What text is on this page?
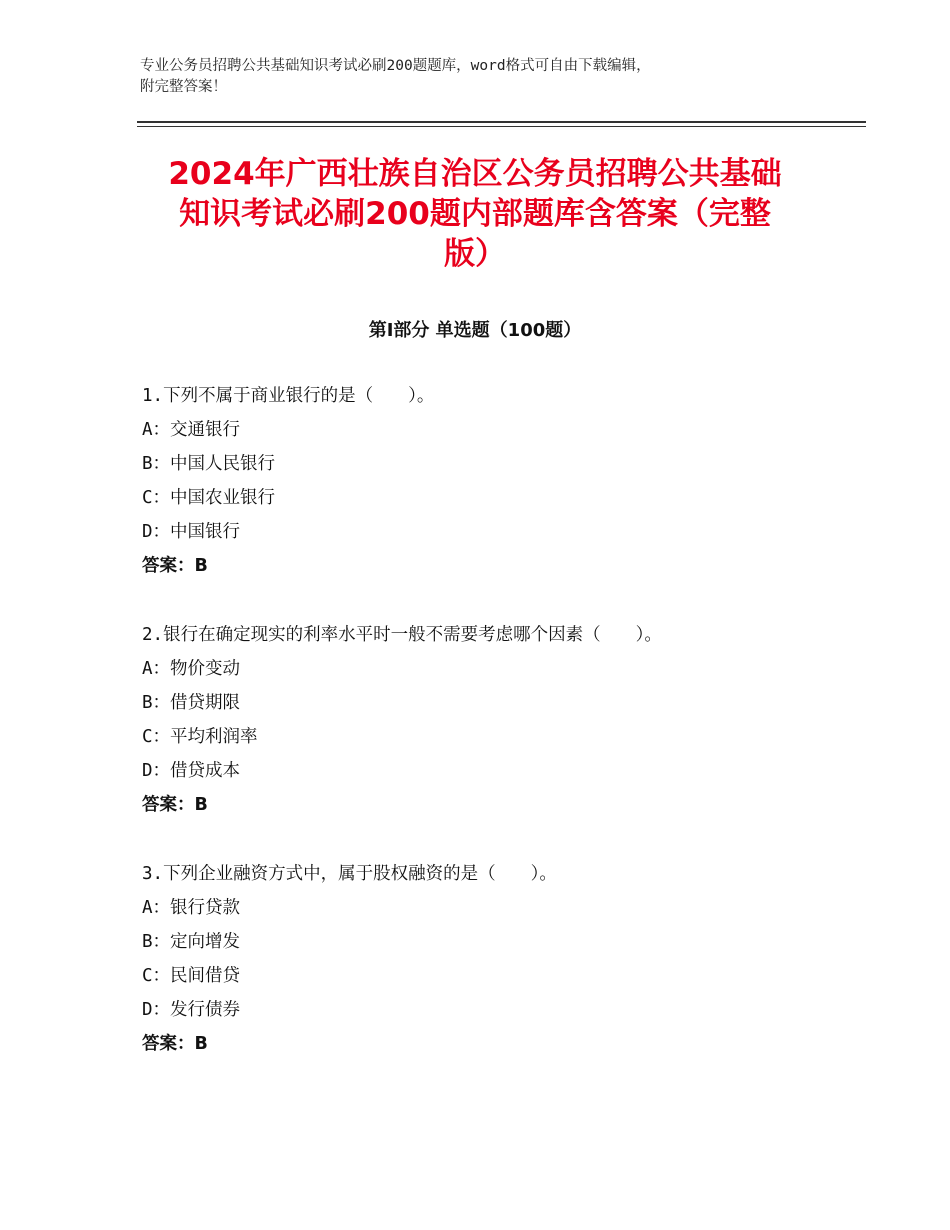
专业公务员招聘公共基础知识考试必刷200题题库，word格式可自由下载编辑，
附完整答案！
2024年广西壮族自治区公务员招聘公共基础
知识考试必刷200题内部题库含答案（完整
版）
第Ⅰ部分 单选题（100题）
1.下列不属于商业银行的是（　　）。
A：交通银行
B：中国人民银行
C：中国农业银行
D：中国银行
答案：B
2.银行在确定现实的利率水平时一般不需要考虑哪个因素（　　）。
A：物价变动
B：借贷期限
C：平均利润率
D：借贷成本
答案：B
3.下列企业融资方式中，属于股权融资的是（　　）。
A：银行贷款
B：定向增发
C：民间借贷
D：发行债券
答案：B
